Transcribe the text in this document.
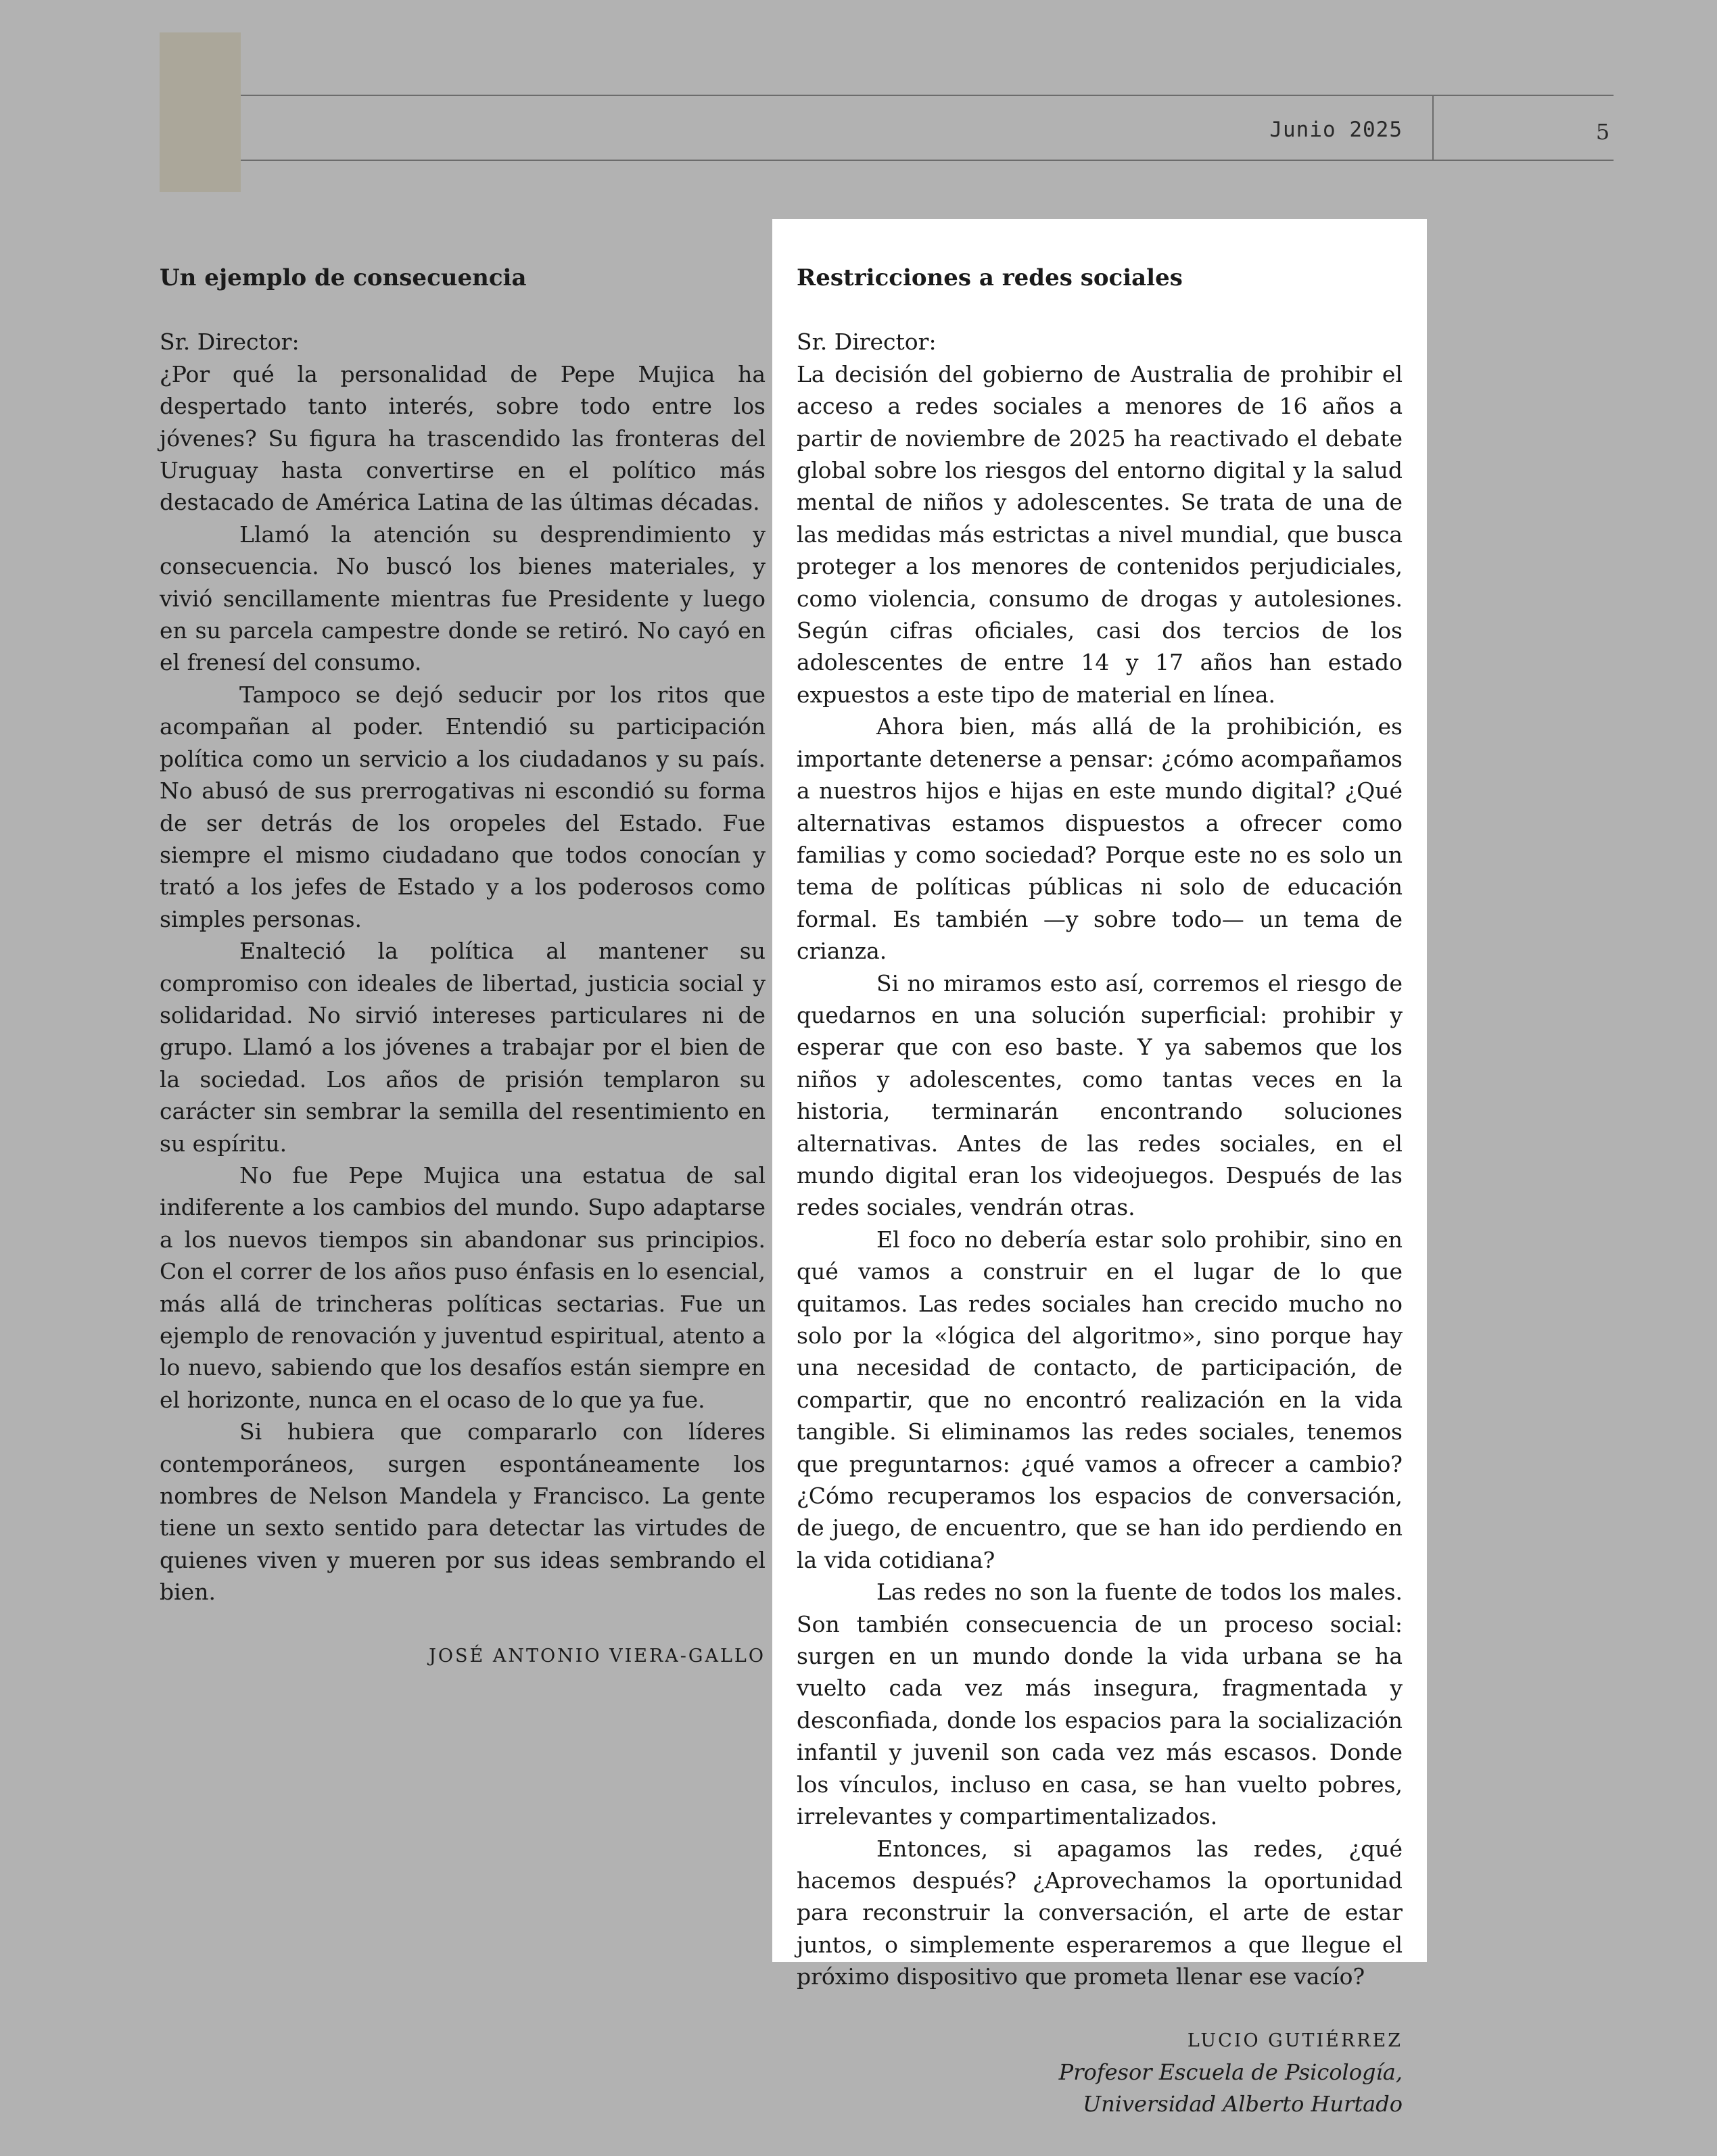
Junio 2025	5
Un ejemplo de consecuencia

Sr. Director:

¿Por qué la personalidad de Pepe Mujica ha despertado tanto interés, sobre todo entre los jóvenes? Su figura ha trascendido las fronteras del Uruguay hasta convertirse en el político más destacado de América Latina de las últimas décadas.

Llamó la atención su desprendimiento y consecuencia. No buscó los bienes materiales, y vivió sencillamente mientras fue Presidente y luego en su parcela campestre donde se retiró. No cayó en el frenesí del consumo.

Tampoco se dejó seducir por los ritos que acompañan al poder. Entendió su participación política como un servicio a los ciudadanos y su país. No abusó de sus prerrogativas ni escondió su forma de ser detrás de los oropeles del Estado. Fue siempre el mismo ciudadano que todos conocían y trató a los jefes de Estado y a los poderosos como simples personas.

Enalteció la política al mantener su compromiso con ideales de libertad, justicia social y solidaridad. No sirvió intereses particulares ni de grupo. Llamó a los jóvenes a trabajar por el bien de la sociedad. Los años de prisión templaron su carácter sin sembrar la semilla del resentimiento en su espíritu.

No fue Pepe Mujica una estatua de sal indiferente a los cambios del mundo. Supo adaptarse a los nuevos tiempos sin abandonar sus principios. Con el correr de los años puso énfasis en lo esencial, más allá de trincheras políticas sectarias. Fue un ejemplo de renovación y juventud espiritual, atento a lo nuevo, sabiendo que los desafíos están siempre en el horizonte, nunca en el ocaso de lo que ya fue.

Si hubiera que compararlo con líderes contemporáneos, surgen espontáneamente los nombres de Nelson Mandela y Francisco. La gente tiene un sexto sentido para detectar las virtudes de quienes viven y mueren por sus ideas sembrando el bien.

JOSÉ ANTONIO VIERA-GALLO
Restricciones a redes sociales

Sr. Director:

La decisión del gobierno de Australia de prohibir el acceso a redes sociales a menores de 16 años a partir de noviembre de 2025 ha reactivado el debate global sobre los riesgos del entorno digital y la salud mental de niños y adolescentes. Se trata de una de las medidas más estrictas a nivel mundial, que busca proteger a los menores de contenidos perjudiciales, como violencia, consumo de drogas y autolesiones. Según cifras oficiales, casi dos tercios de los adolescentes de entre 14 y 17 años han estado expuestos a este tipo de material en línea.

Ahora bien, más allá de la prohibición, es importante detenerse a pensar: ¿cómo acompañamos a nuestros hijos e hijas en este mundo digital? ¿Qué alternativas estamos dispuestos a ofrecer como familias y como sociedad? Porque este no es solo un tema de políticas públicas ni solo de educación formal. Es también —y sobre todo— un tema de crianza.

Si no miramos esto así, corremos el riesgo de quedarnos en una solución superficial: prohibir y esperar que con eso baste. Y ya sabemos que los niños y adolescentes, como tantas veces en la historia, terminarán encontrando soluciones alternativas. Antes de las redes sociales, en el mundo digital eran los videojuegos. Después de las redes sociales, vendrán otras.

El foco no debería estar solo prohibir, sino en qué vamos a construir en el lugar de lo que quitamos. Las redes sociales han crecido mucho no solo por la «lógica del algoritmo», sino porque hay una necesidad de contacto, de participación, de compartir, que no encontró realización en la vida tangible. Si eliminamos las redes sociales, tenemos que preguntarnos: ¿qué vamos a ofrecer a cambio? ¿Cómo recuperamos los espacios de conversación, de juego, de encuentro, que se han ido perdiendo en la vida cotidiana?

Las redes no son la fuente de todos los males. Son también consecuencia de un proceso social: surgen en un mundo donde la vida urbana se ha vuelto cada vez más insegura, fragmentada y desconfiada, donde los espacios para la socialización infantil y juvenil son cada vez más escasos. Donde los vínculos, incluso en casa, se han vuelto pobres, irrelevantes y compartimentalizados.

Entonces, si apagamos las redes, ¿qué hacemos después? ¿Aprovechamos la oportunidad para reconstruir la conversación, el arte de estar juntos, o simplemente esperaremos a que llegue el próximo dispositivo que prometa llenar ese vacío?

LUCIO GUTIÉRREZ
Profesor Escuela de Psicología,
Universidad Alberto Hurtado
